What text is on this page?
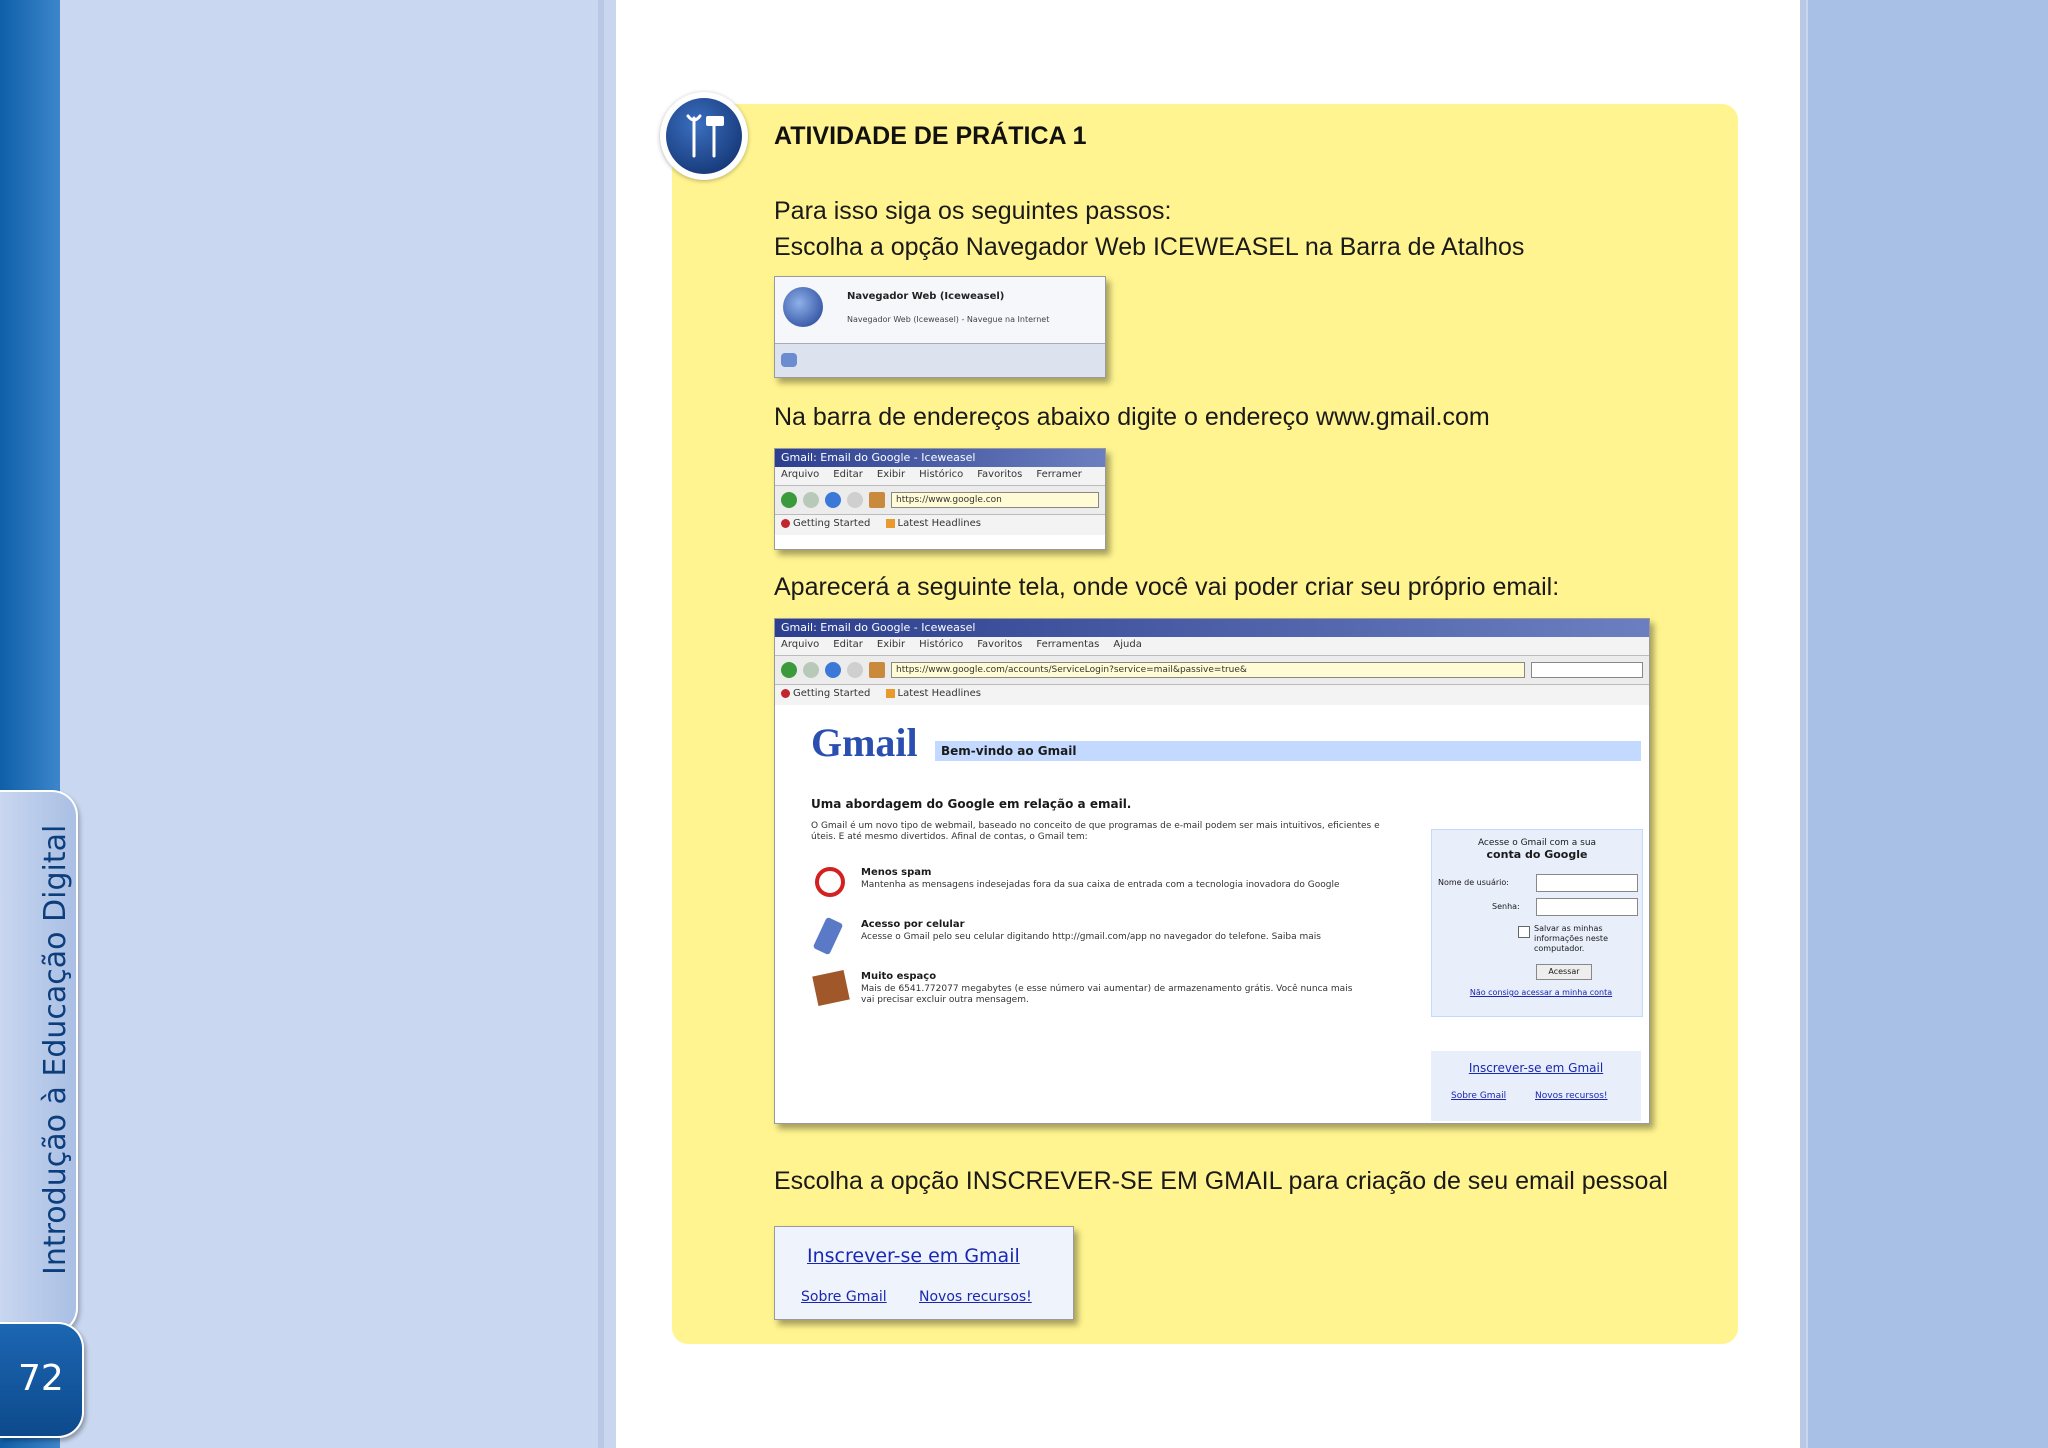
Introdução à Educação Digital
72
ATIVIDADE DE PRÁTICA 1
Para isso siga os seguintes passos:
Escolha a opção Navegador Web ICEWEASEL na Barra de Atalhos
Navegador Web (Iceweasel)
Navegador Web (Iceweasel) - Navegue na Internet
Na barra de endereços abaixo digite o endereço www.gmail.com
Gmail: Email do Google - Iceweasel
Arquivo Editar Exibir Histórico Favoritos Ferramer
https://www.google.con
Getting Started	Latest Headlines
Aparecerá a seguinte tela, onde você vai poder criar seu próprio email:
Gmail: Email do Google - Iceweasel
Arquivo Editar Exibir Histórico Favoritos Ferramentas Ajuda
https://www.google.com/accounts/ServiceLogin?service=mail&passive=true&
Getting Started	Latest Headlines
Gmail	Bem-vindo ao Gmail
Uma abordagem do Google em relação a email.
O Gmail é um novo tipo de webmail, baseado no conceito de que programas de e-mail podem ser mais intuitivos, eficientes e úteis. E até mesmo divertidos. Afinal de contas, o Gmail tem:
Menos spam
Mantenha as mensagens indesejadas fora da sua caixa de entrada com a tecnologia inovadora do Google
Acesso por celular
Acesse o Gmail pelo seu celular digitando http://gmail.com/app no navegador do telefone. Saiba mais
Muito espaço
Mais de 6541.772077 megabytes (e esse número vai aumentar) de armazenamento grátis. Você nunca mais vai precisar excluir outra mensagem.
Acesse o Gmail com a sua
conta do Google
Nome de usuário:
Senha:
Salvar as minhas informações neste computador.
Acessar
Não consigo acessar a minha conta
Inscrever-se em Gmail
Sobre Gmail	Novos recursos!
Escolha a opção INSCREVER-SE EM GMAIL para criação de seu email pessoal
Inscrever-se em Gmail
Sobre Gmail Novos recursos!
